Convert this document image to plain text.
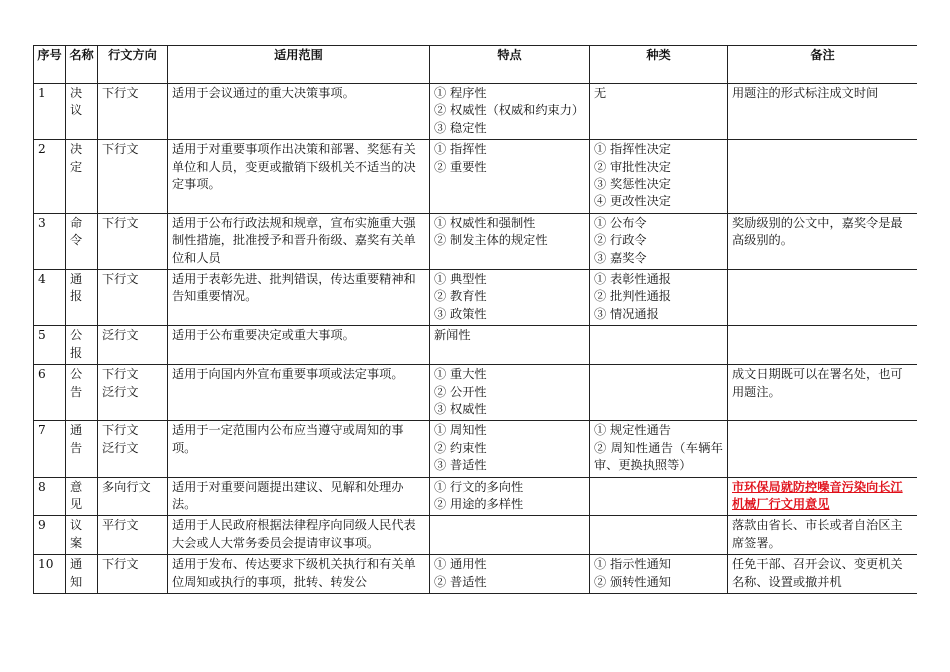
序号	名称	行文方向	适用范围	特点	种类	备注
1	决议	下行文	适用于会议通过的重大决策事项。	① 程序性
② 权威性（权威和约束力）
③ 稳定性	无	用题注的形式标注成文时间
2	决定	下行文	适用于对重要事项作出决策和部署、奖惩有关单位和人员，变更或撤销下级机关不适当的决定事项。	① 指挥性
② 重要性	① 指挥性决定
② 审批性决定
③ 奖惩性决定
④ 更改性决定	

3	命令	下行文	适用于公布行政法规和规章，宣布实施重大强制性措施，批准授予和晋升衔级、嘉奖有关单位和人员	① 权威性和强制性
② 制发主体的规定性	① 公布令
② 行政令
③ 嘉奖令	奖励级别的公文中，嘉奖令是最高级别的。
4	通报	下行文	适用于表彰先进、批判错误，传达重要精神和告知重要情况。	① 典型性
② 教育性
③ 政策性	① 表彰性通报
② 批判性通报
③ 情况通报	

5	公报	泛行文	适用于公布重要决定或重大事项。	新闻性		

6	公告	下行文
泛行文	适用于向国内外宣布重要事项或法定事项。	① 重大性
② 公开性
③ 权威性		成文日期既可以在署名处，也可用题注。
7	通告	下行文
泛行文	适用于一定范围内公布应当遵守或周知的事项。	① 周知性
② 约束性
③ 普适性	① 规定性通告
② 周知性通告（车辆年审、更换执照等）	

8	意见	多向行文	适用于对重要问题提出建议、见解和处理办法。	① 行文的多向性
② 用途的多样性		市环保局就防控噪音污染向长江机械厂行文用意见
9	议案	平行文	适用于人民政府根据法律程序向同级人民代表大会或人大常务委员会提请审议事项。			落款由省长、市长或者自治区主席签署。
10	通知	下行文	适用于发布、传达要求下级机关执行和有关单位周知或执行的事项，批转、转发公	① 通用性
② 普适性	① 指示性通知
② 颁转性通知	任免干部、召开会议、变更机关名称、设置或撤并机
